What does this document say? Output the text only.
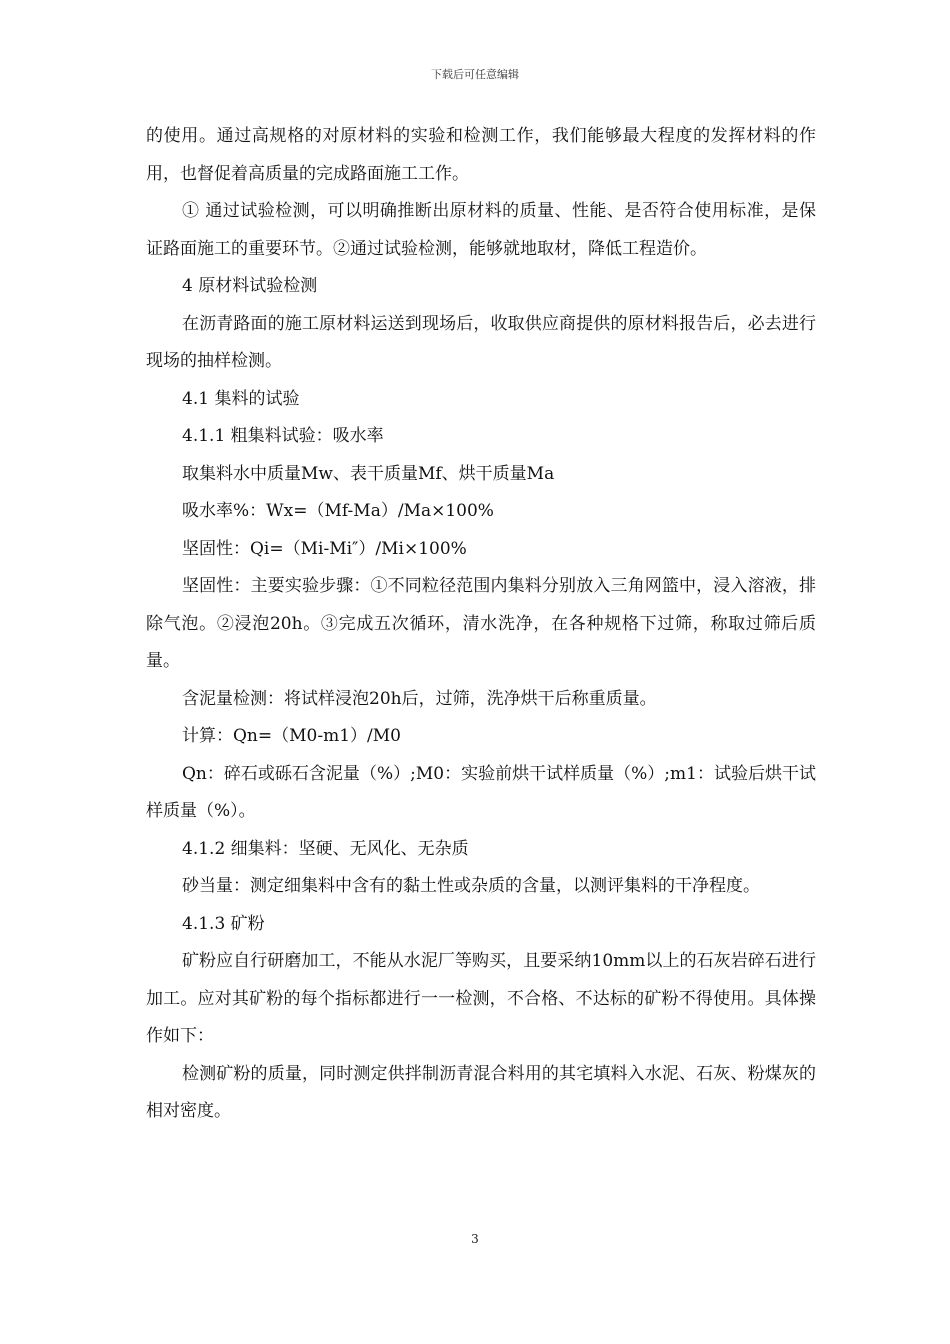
下载后可任意编辑

的使用。通过高规格的对原材料的实验和检测工作，我们能够最大程度的发挥材料的作用，也督促着高质量的完成路面施工工作。

① 通过试验检测，可以明确推断出原材料的质量、性能、是否符合使用标准，是保证路面施工的重要环节。②通过试验检测，能够就地取材，降低工程造价。

4 原材料试验检测

在沥青路面的施工原材料运送到现场后，收取供应商提供的原材料报告后，必去进行现场的抽样检测。

4.1 集料的试验

4.1.1 粗集料试验：吸水率

取集料水中质量Mw、表干质量Mf、烘干质量Ma

吸水率%：Wx=（Mf-Ma）/Ma×100%

坚固性：Qi=（Mi-Mi″）/Mi×100%

坚固性：主要实验步骤：①不同粒径范围内集料分别放入三角网篮中，浸入溶液，排除气泡。②浸泡20h。③完成五次循环，清水洗净，在各种规格下过筛，称取过筛后质量。

含泥量检测：将试样浸泡20h后，过筛，洗净烘干后称重质量。

计算：Qn=（M0-m1）/M0

Qn：碎石或砾石含泥量（%）;M0：实验前烘干试样质量（%）;m1：试验后烘干试样质量（%）。

4.1.2 细集料：坚硬、无风化、无杂质

砂当量：测定细集料中含有的黏土性或杂质的含量，以测评集料的干净程度。

4.1.3 矿粉

矿粉应自行研磨加工，不能从水泥厂等购买，且要采纳10mm以上的石灰岩碎石进行加工。应对其矿粉的每个指标都进行一一检测，不合格、不达标的矿粉不得使用。具体操作如下：

检测矿粉的质量，同时测定供拌制沥青混合料用的其宅填料入水泥、石灰、粉煤灰的相对密度。

3
